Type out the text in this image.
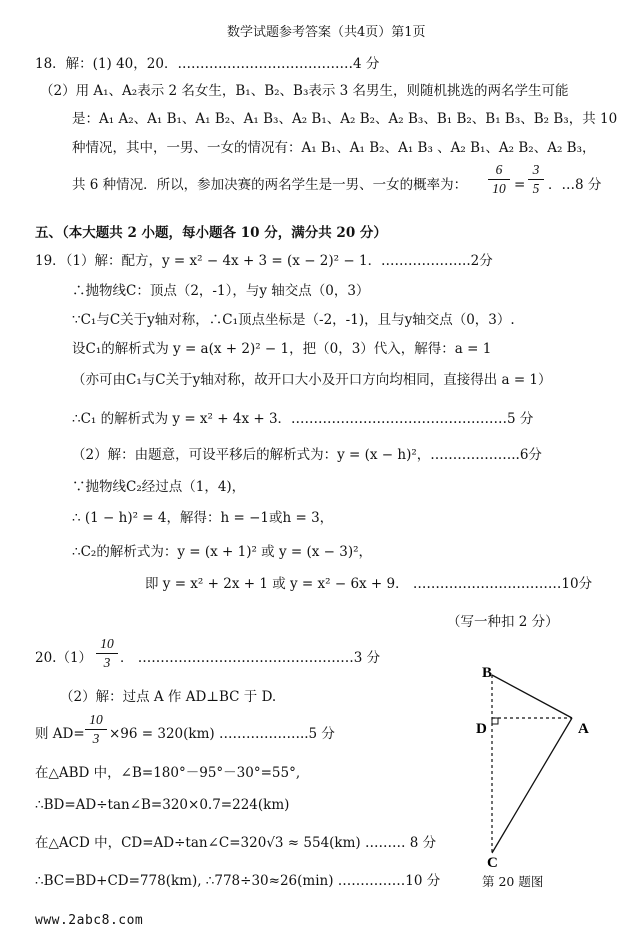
数学试题参考答案（共4页）第1页
18．解：(1) 40，20．…………………………………4 分
（2）用 A₁、A₂表示 2 名女生，B₁、B₂、B₃表示 3 名男生，则随机挑选的两名学生可能
是：A₁ A₂、A₁ B₁、A₁ B₂、A₁ B₃、A₂ B₁、A₂ B₂、A₂ B₃、B₁ B₂、B₁ B₃、B₂ B₃，共 10
种情况，其中，一男、一女的情况有：A₁ B₁、A₁ B₂、A₁ B₃ 、A₂ B₁、A₂ B₂、A₂ B₃，
共 6 种情况．所以，参加决赛的两名学生是一男、一女的概率为：
6
10 =
3
5 ．…8 分
五、（本大题共 2 小题，每小题各 10 分，满分共 20 分）
19．（1）解：配方，y = x² − 4x + 3 = (x − 2)² − 1．………………..2分
∴抛物线C：顶点（2，-1），与y 轴交点（0，3）
∵C₁与C关于y轴对称，∴C₁顶点坐标是（-2，-1)，且与y轴交点（0，3）.
设C₁的解析式为 y = a(x + 2)² − 1，把（0，3）代入，解得：a = 1
（亦可由C₁与C关于y轴对称，故开口大小及开口方向均相同，直接得出 a = 1）
∴C₁ 的解析式为 y = x² + 4x + 3．…………………………………………5 分
（2）解：由题意，可设平移后的解析式为：y = (x − h)²，………………..6分
∵抛物线C₂经过点（1，4)，
∴ (1 − h)² = 4，解得：h = −1或h = 3，
∴C₂的解析式为：y = (x + 1)² 或 y = (x − 3)²，
即 y = x² + 2x + 1 或 y = x² − 6x + 9． ……………………………10分
（写一种扣 2 分）
20.（1）
10
3 ． …………………………………………3 分
（2）解：过点 A 作 AD⊥BC 于 D.
则 AD=
10
3 ×96 = 320(km) ………………..5 分
在△ABD 中，∠B=180°－95°－30°=55°,
∴BD=AD÷tan∠B=320×0.7=224(km)
在△ACD 中，CD=AD÷tan∠C=320√3 ≈ 554(km) ……… 8 分
∴BC=BD+CD=778(km), ∴778÷30≈26(min) ……………10 分
B
D	A
C
第 20 题图
www.2abc8.com
